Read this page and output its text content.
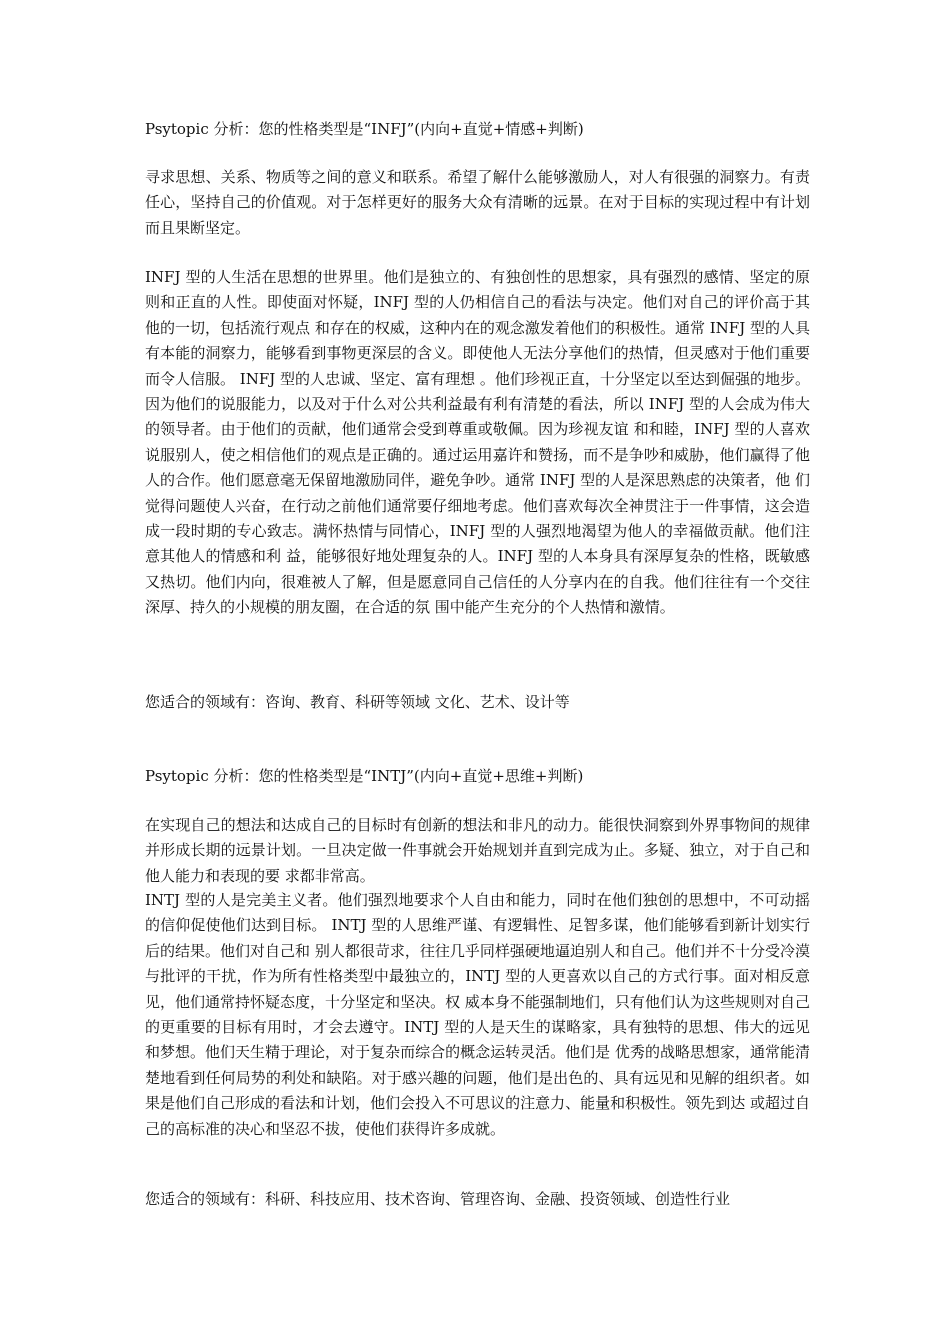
Psytopic 分析：您的性格类型是“INFJ”(内向+直觉+情感+判断)

寻求思想、关系、物质等之间的意义和联系。希望了解什么能够激励人，对人有很强的洞察力。有责任心，坚持自己的价值观。对于怎样更好的服务大众有清晰的远景。在对于目标的实现过程中有计划而且果断坚定。

INFJ 型的人生活在思想的世界里。他们是独立的、有独创性的思想家，具有强烈的感情、坚定的原则和正直的人性。即使面对怀疑，INFJ 型的人仍相信自己的看法与决定。他们对自己的评价高于其他的一切，包括流行观点 和存在的权威，这种内在的观念激发着他们的积极性。通常 INFJ 型的人具有本能的洞察力，能够看到事物更深层的含义。即使他人无法分享他们的热情，但灵感对于他们重要而令人信服。 INFJ 型的人忠诚、坚定、富有理想 。他们珍视正直，十分坚定以至达到倔强的地步。因为他们的说服能力，以及对于什么对公共利益最有利有清楚的看法，所以 INFJ 型的人会成为伟大的领导者。由于他们的贡献，他们通常会受到尊重或敬佩。因为珍视友谊 和和睦，INFJ 型的人喜欢说服别人，使之相信他们的观点是正确的。通过运用嘉许和赞扬，而不是争吵和威胁，他们赢得了他人的合作。他们愿意毫无保留地激励同伴，避免争吵。通常 INFJ 型的人是深思熟虑的决策者，他 们觉得问题使人兴奋，在行动之前他们通常要仔细地考虑。他们喜欢每次全神贯注于一件事情，这会造成一段时期的专心致志。满怀热情与同情心，INFJ 型的人强烈地渴望为他人的幸福做贡献。他们注意其他人的情感和利 益，能够很好地处理复杂的人。INFJ 型的人本身具有深厚复杂的性格，既敏感又热切。他们内向，很难被人了解，但是愿意同自己信任的人分享内在的自我。他们往往有一个交往深厚、持久的小规模的朋友圈，在合适的氛 围中能产生充分的个人热情和激情。

您适合的领域有：咨询、教育、科研等领域 文化、艺术、设计等

Psytopic 分析：您的性格类型是“INTJ”(内向+直觉+思维+判断)

在实现自己的想法和达成自己的目标时有创新的想法和非凡的动力。能很快洞察到外界事物间的规律并形成长期的远景计划。一旦决定做一件事就会开始规划并直到完成为止。多疑、独立，对于自己和他人能力和表现的要 求都非常高。

INTJ 型的人是完美主义者。他们强烈地要求个人自由和能力，同时在他们独创的思想中，不可动摇的信仰促使他们达到目标。 INTJ 型的人思维严谨、有逻辑性、足智多谋，他们能够看到新计划实行后的结果。他们对自己和 别人都很苛求，往往几乎同样强硬地逼迫别人和自己。他们并不十分受冷漠与批评的干扰，作为所有性格类型中最独立的，INTJ 型的人更喜欢以自己的方式行事。面对相反意见，他们通常持怀疑态度，十分坚定和坚决。权 威本身不能强制地们，只有他们认为这些规则对自己的更重要的目标有用时，才会去遵守。INTJ 型的人是天生的谋略家，具有独特的思想、伟大的远见和梦想。他们天生精于理论，对于复杂而综合的概念运转灵活。他们是 优秀的战略思想家，通常能清楚地看到任何局势的利处和缺陷。对于感兴趣的问题，他们是出色的、具有远见和见解的组织者。如果是他们自己形成的看法和计划，他们会投入不可思议的注意力、能量和积极性。领先到达 或超过自己的高标准的决心和坚忍不拔，使他们获得许多成就。

您适合的领域有：科研、科技应用、技术咨询、管理咨询、金融、投资领域、创造性行业
